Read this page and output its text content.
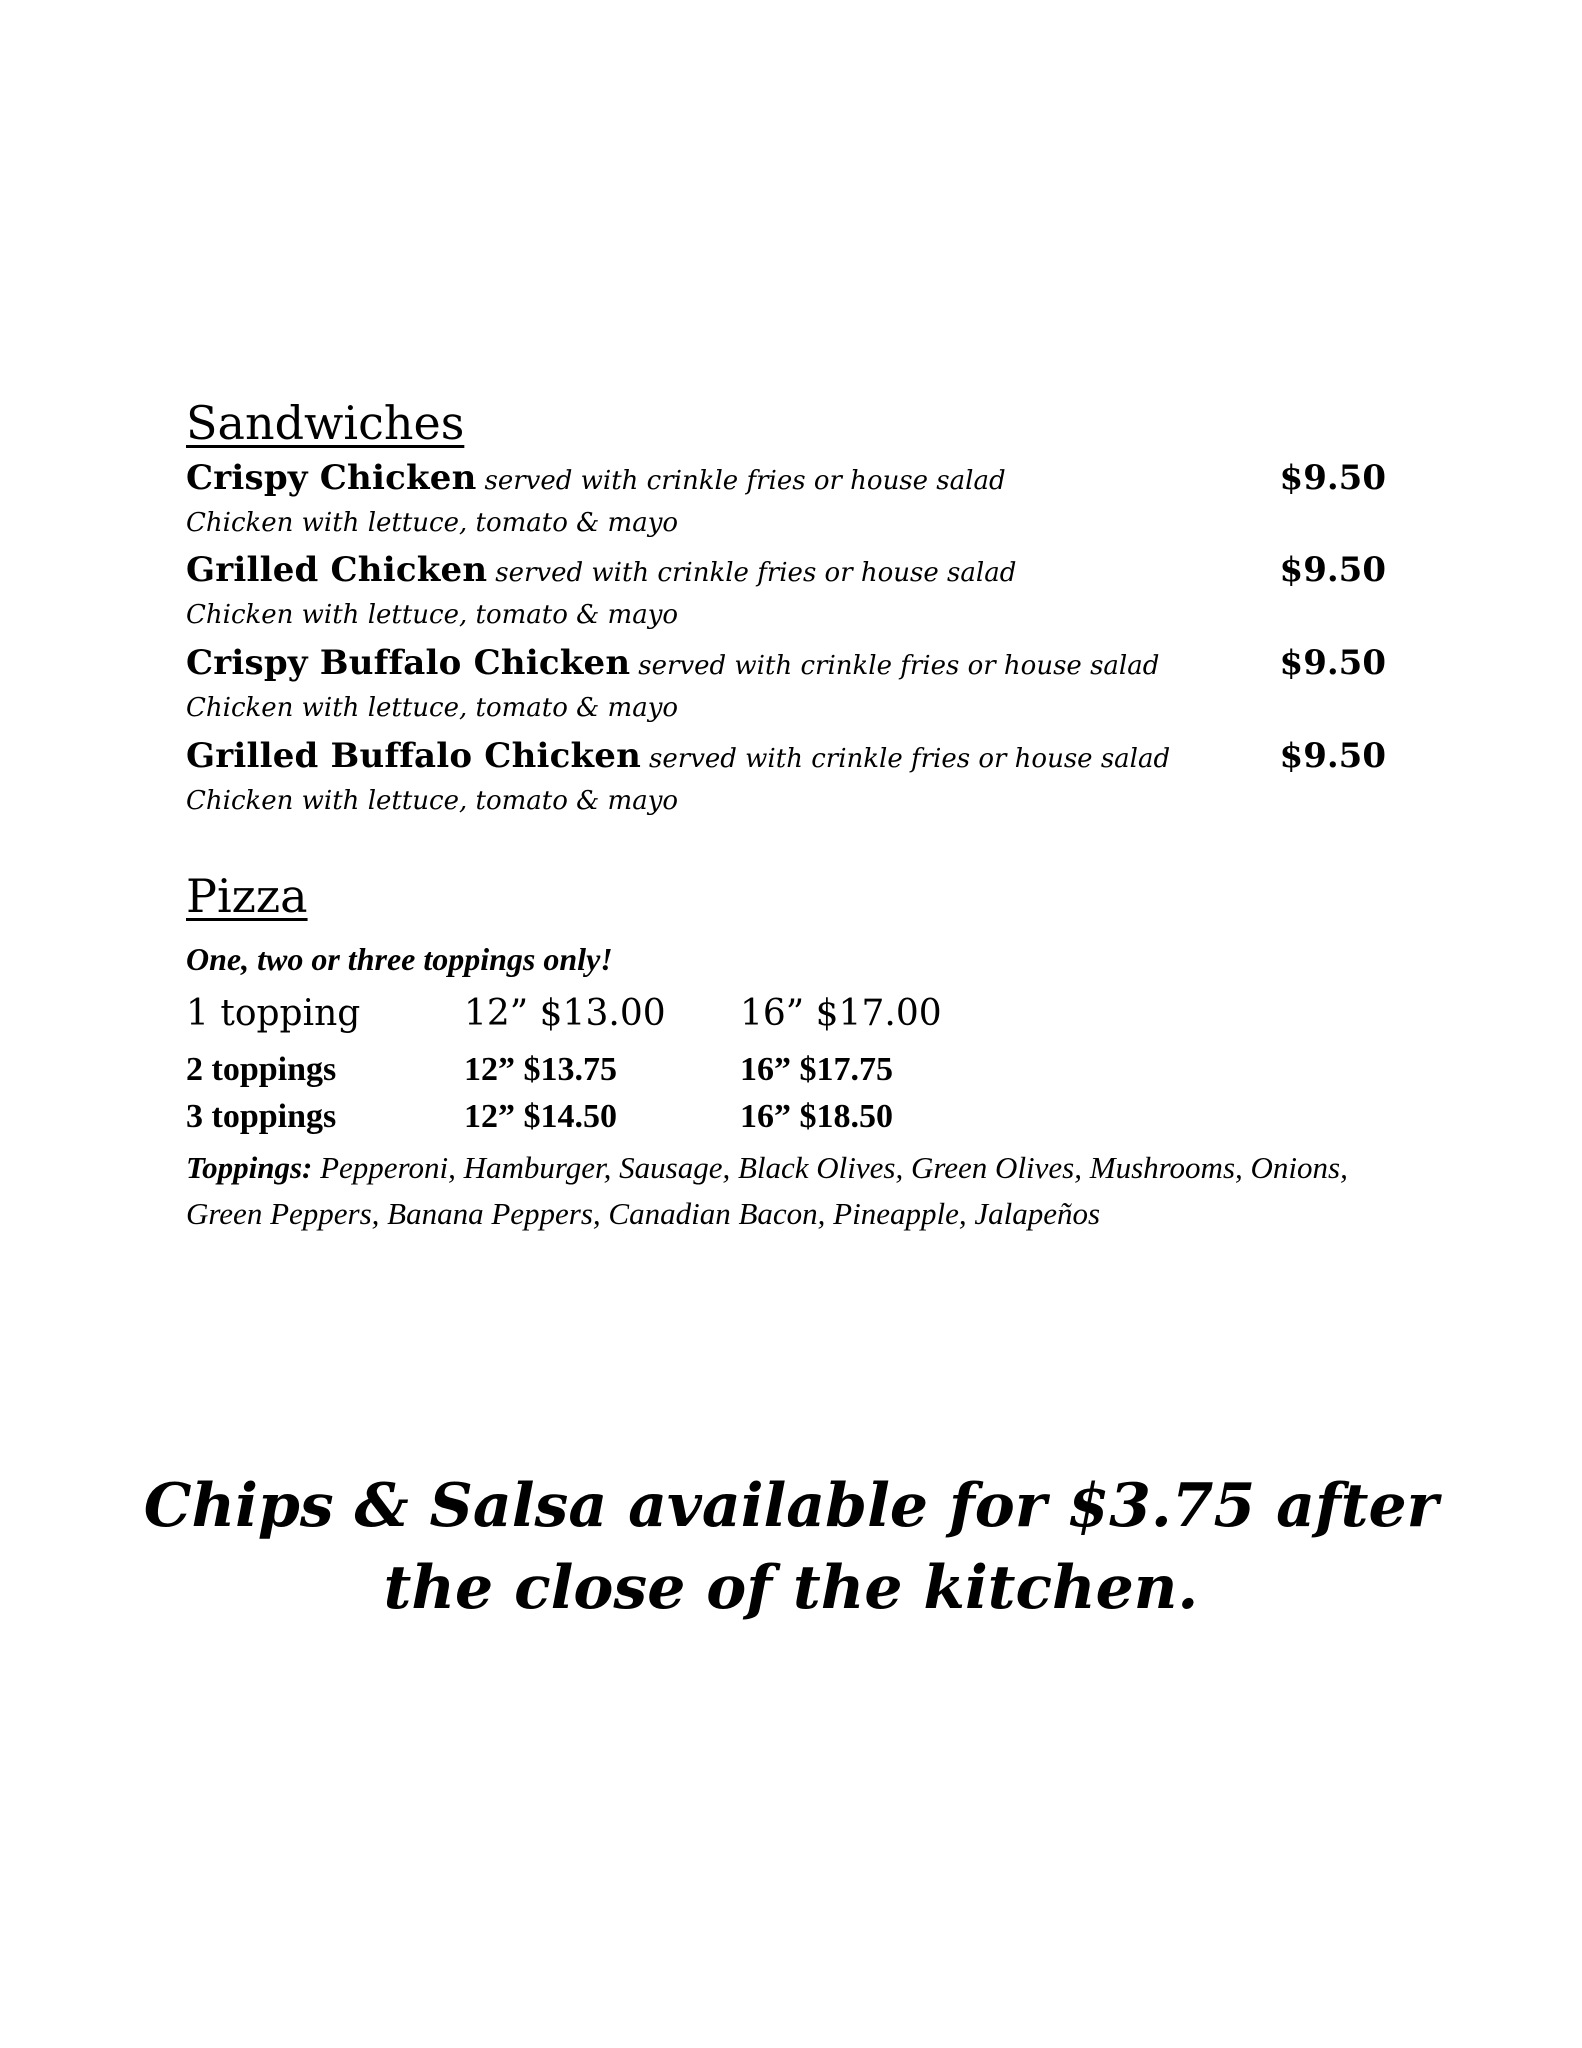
Sandwiches
Crispy Chicken served with crinkle fries or house salad	$9.50
Chicken with lettuce, tomato & mayo
Grilled Chicken served with crinkle fries or house salad	$9.50
Chicken with lettuce, tomato & mayo
Crispy Buffalo Chicken served with crinkle fries or house salad	$9.50
Chicken with lettuce, tomato & mayo
Grilled Buffalo Chicken served with crinkle fries or house salad	$9.50
Chicken with lettuce, tomato & mayo
Pizza
One, two or three toppings only!
1 topping	12” $13.00 16” $17.00
2 toppings	12” $13.75	16” $17.75
3 toppings	12” $14.50	16” $18.50
Toppings: Pepperoni, Hamburger, Sausage, Black Olives, Green Olives, Mushrooms, Onions, Green Peppers, Banana Peppers, Canadian Bacon, Pineapple, Jalapeños
Chips & Salsa available for $3.75 after
the close of the kitchen.
